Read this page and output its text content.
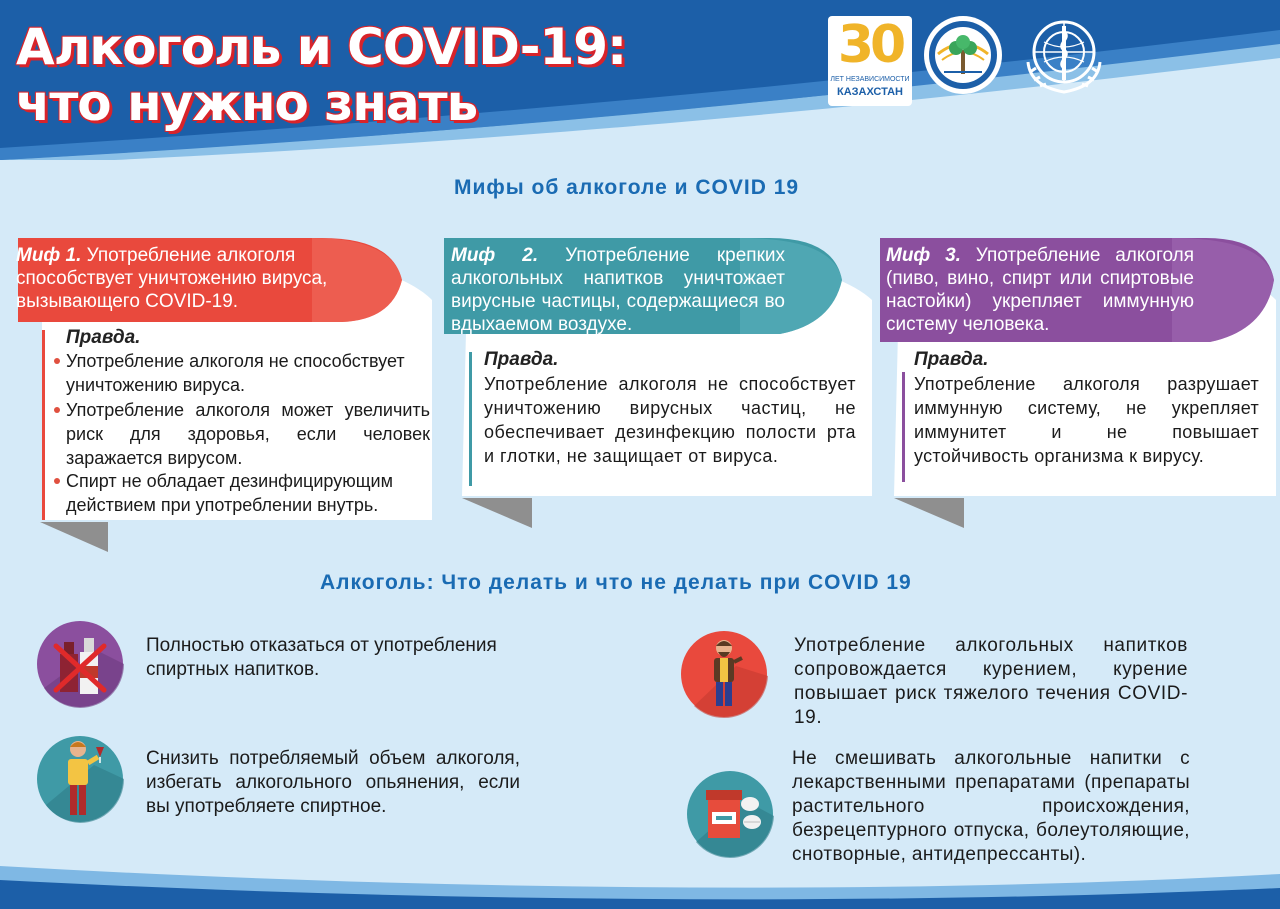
Алкоголь и COVID-19:
что нужно знать
30
ЛЕТ НЕЗАВИСИМОСТИ
КАЗАХСТАН
Мифы об алкоголе и COVID 19
Миф 1. Употребление алкоголя способствует уничтожению вируса, вызывающего COVID-19.
Правда.
Употребление алкоголя не способствует уничтожению вируса.
Употребление алкоголя может увеличить риск для здоровья, если человек заражается вирусом.
Спирт не обладает дезинфицирующим действием при употреблении внутрь.
Миф 2. Употребление крепких алкогольных напитков уничтожает вирусные частицы, содержащиеся во вдыхаемом воздухе.
Правда.
Употребление алкоголя не способствует уничтожению вирусных частиц, не обеспечивает дезинфекцию полости рта и глотки, не защищает от вируса.
Миф 3. Употребление алкоголя (пиво, вино, спирт или спиртовые настойки) укрепляет иммунную систему человека.
Правда.
Употребление алкоголя разрушает иммунную систему, не укрепляет иммунитет и не повышает устойчивость организма к вирусу.
Алкоголь: Что делать и что не делать при COVID 19
Полностью отказаться от употребления спиртных напитков.
Употребление алкогольных напитков сопровождается курением, курение повышает риск тяжелого течения COVID-19.
Снизить потребляемый объем алкоголя, избегать алкогольного опьянения, если вы употребляете спиртное.
Не смешивать алкогольные напитки с лекарственными препаратами (препараты растительного происхождения, безрецептурного отпуска, болеутоляющие, снотворные, антидепрессанты).
